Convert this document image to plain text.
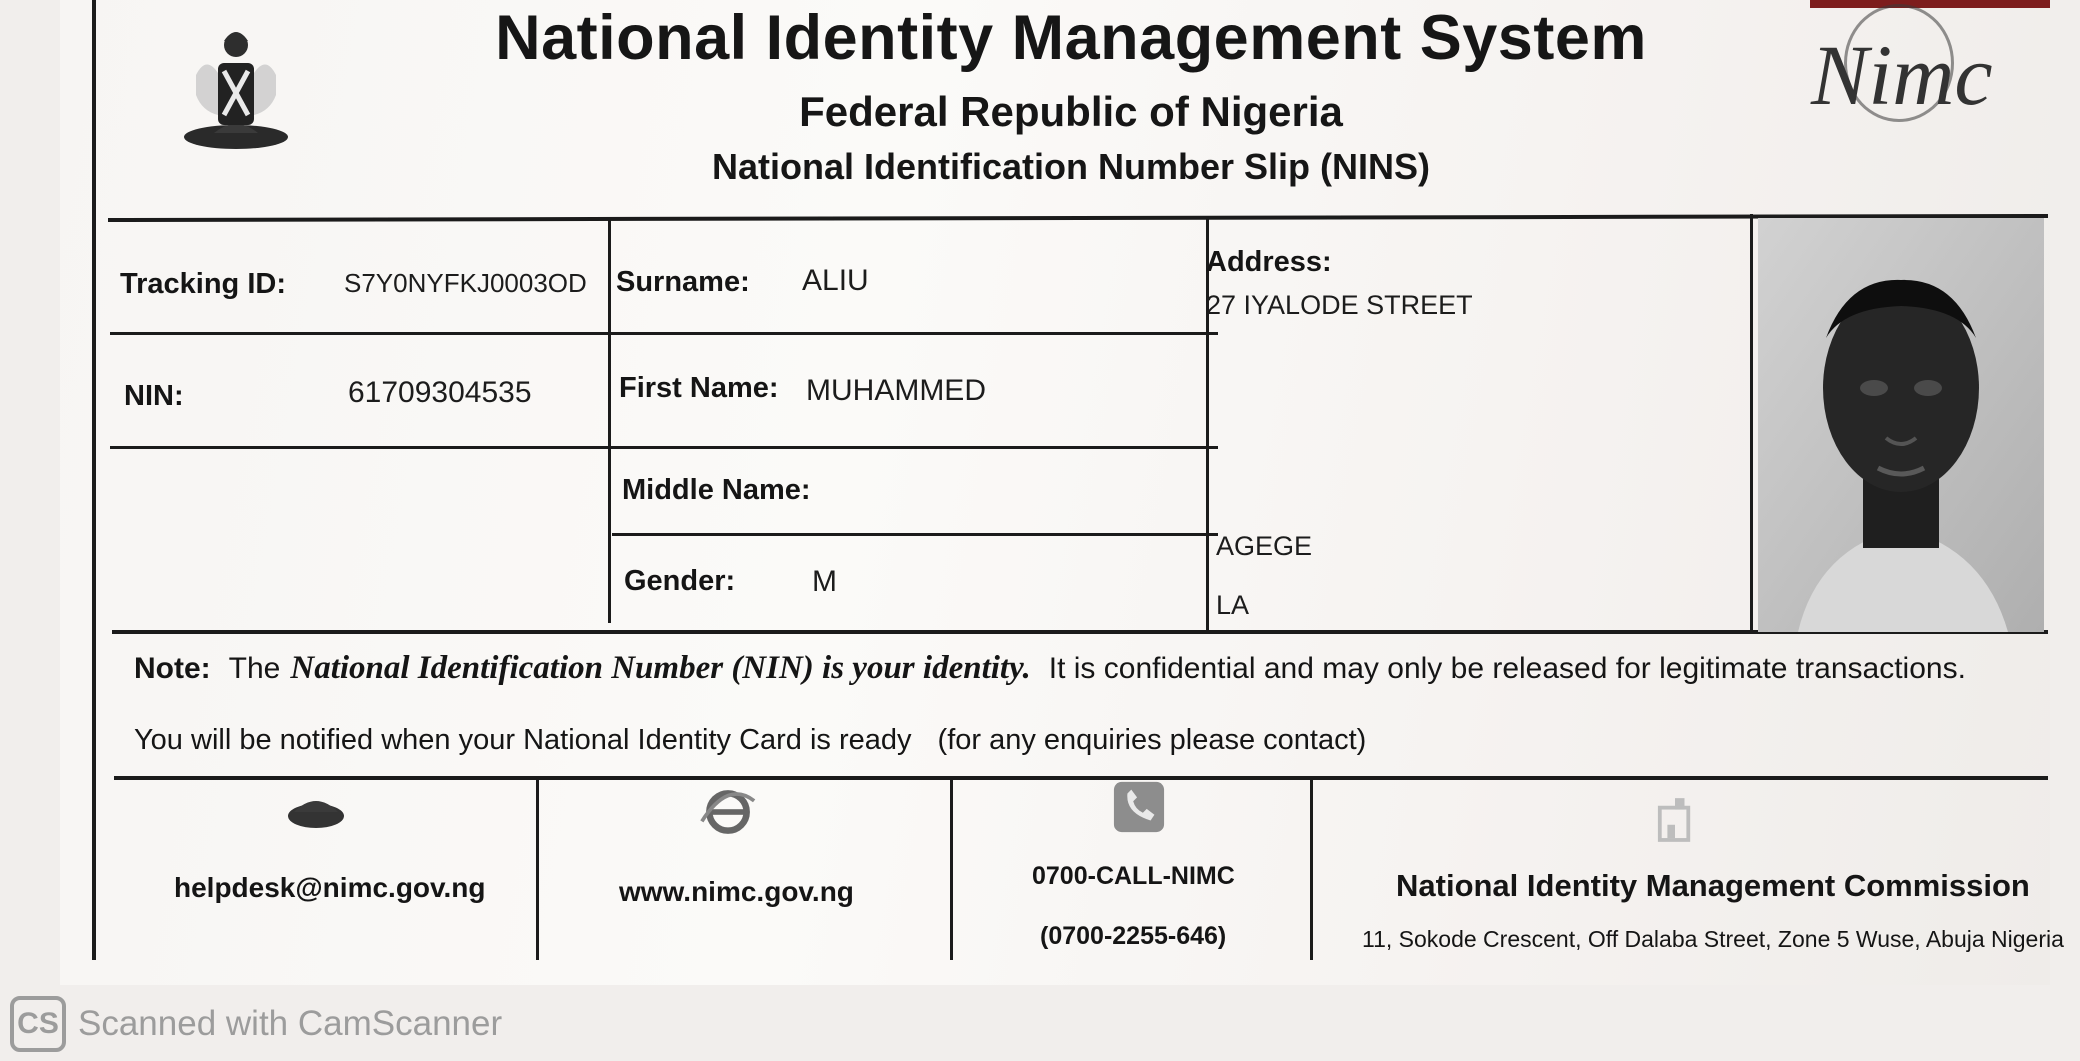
National Identity Management System
Federal Republic of Nigeria
National Identification Number Slip (NINS)
Nimc
Tracking ID: S7Y0NYFKJ0003OD
NIN:	61709304535
Surname: ALIU
First Name: MUHAMMED
Middle Name:
Gender:	M
Address:
27 IYALODE STREET
AGEGE
LA
Note: The National Identification Number (NIN) is your identity. It is confidential and may only be released for legitimate transactions.
You will be notified when your National Identity Card is ready (for any enquiries please contact)
helpdesk@nimc.gov.ng	www.nimc.gov.ng	0700-CALL-NIMC
(0700-2255-646)
National Identity Management Commission
11, Sokode Crescent, Off Dalaba Street, Zone 5 Wuse, Abuja Nigeria
CS Scanned with CamScanner
